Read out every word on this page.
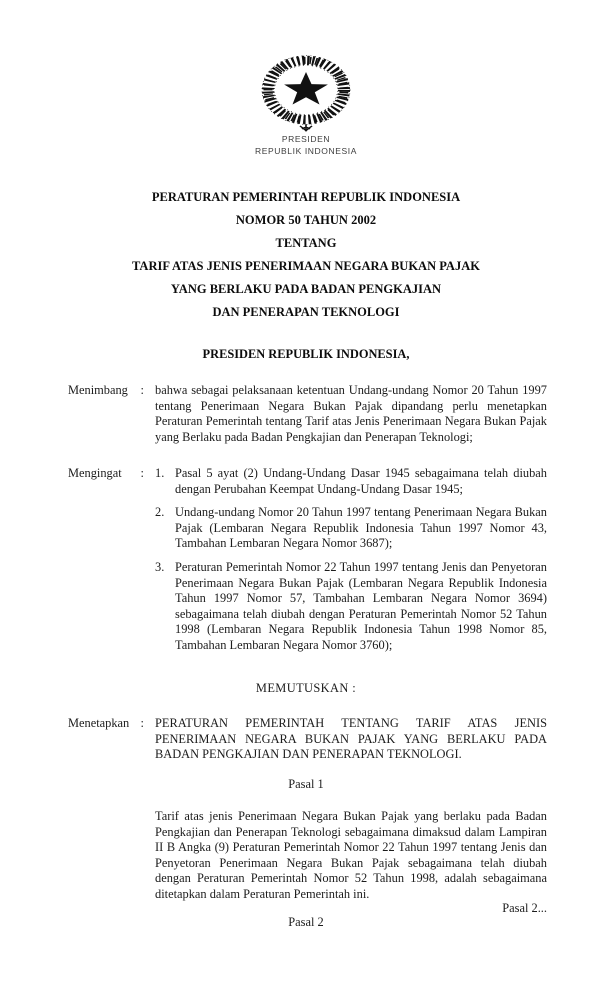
PRESIDEN
REPUBLIK INDONESIA
PERATURAN PEMERINTAH REPUBLIK INDONESIA
NOMOR 50 TAHUN 2002
TENTANG
TARIF ATAS JENIS PENERIMAAN NEGARA BUKAN PAJAK
YANG BERLAKU PADA BADAN PENGKAJIAN
DAN PENERAPAN TEKNOLOGI
PRESIDEN REPUBLIK INDONESIA,
Menimbang : bahwa sebagai pelaksanaan ketentuan Undang-undang Nomor 20 Tahun 1997 tentang Penerimaan Negara Bukan Pajak dipandang perlu menetapkan Peraturan Pemerintah tentang Tarif atas Jenis Penerimaan Negara Bukan Pajak yang Berlaku pada Badan Pengkajian dan Penerapan Teknologi;
Mengingat : 1. Pasal 5 ayat (2) Undang-Undang Dasar 1945 sebagaimana telah diubah dengan Perubahan Keempat Undang-Undang Dasar 1945;
2. Undang-undang Nomor 20 Tahun 1997 tentang Penerimaan Negara Bukan Pajak (Lembaran Negara Republik Indonesia Tahun 1997 Nomor 43, Tambahan Lembaran Negara Nomor 3687);
3. Peraturan Pemerintah Nomor 22 Tahun 1997 tentang Jenis dan Penyetoran Penerimaan Negara Bukan Pajak (Lembaran Negara Republik Indonesia Tahun 1997 Nomor 57, Tambahan Lembaran Negara Nomor 3694) sebagaimana telah diubah dengan Peraturan Pemerintah Nomor 52 Tahun 1998 (Lembaran Negara Republik Indonesia Tahun 1998 Nomor 85, Tambahan Lembaran Negara Nomor 3760);
MEMUTUSKAN :
Menetapkan : PERATURAN PEMERINTAH TENTANG TARIF ATAS JENIS PENERIMAAN NEGARA BUKAN PAJAK YANG BERLAKU PADA BADAN PENGKAJIAN DAN PENERAPAN TEKNOLOGI.
Pasal 1
Tarif atas jenis Penerimaan Negara Bukan Pajak yang berlaku pada Badan Pengkajian dan Penerapan Teknologi sebagaimana dimaksud dalam Lampiran II B Angka (9) Peraturan Pemerintah Nomor 22 Tahun 1997 tentang Jenis dan Penyetoran Penerimaan Negara Bukan Pajak sebagaimana telah diubah dengan Peraturan Pemerintah Nomor 52 Tahun 1998, adalah sebagaimana ditetapkan dalam Peraturan Pemerintah ini.
Pasal 2...
Pasal 2
